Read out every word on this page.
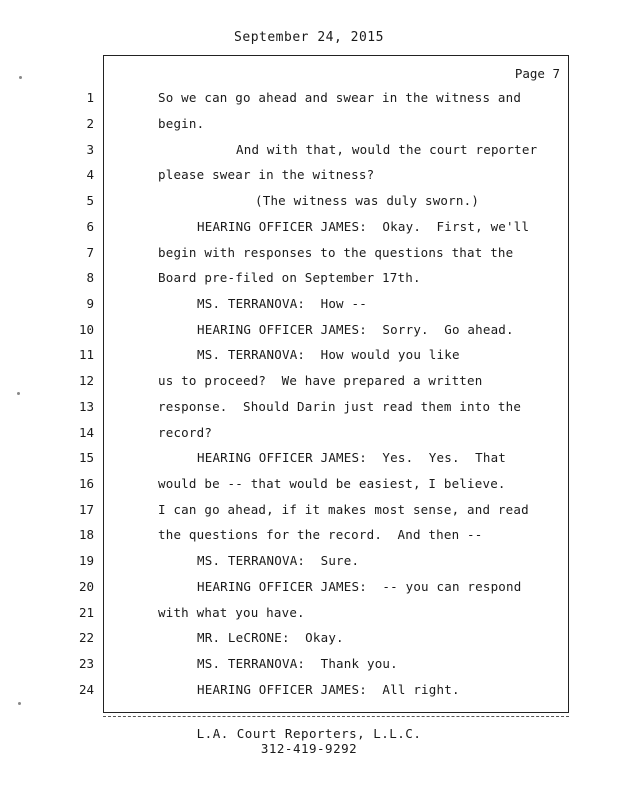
September 24, 2015
Page 7
1
2
3
4
5
6
7
8
9
10
11
12
13
14
15
16
17
18
19
20
21
22
23
24
So we can go ahead and swear in the witness and
begin.
And with that, would the court reporter
please swear in the witness?
(The witness was duly sworn.)
HEARING OFFICER JAMES:  Okay.  First, we'll
begin with responses to the questions that the
Board pre-filed on September 17th.
MS. TERRANOVA:  How --
HEARING OFFICER JAMES:  Sorry.  Go ahead.
MS. TERRANOVA:  How would you like
us to proceed?  We have prepared a written
response.  Should Darin just read them into the
record?
HEARING OFFICER JAMES:  Yes.  Yes.  That
would be -- that would be easiest, I believe.
I can go ahead, if it makes most sense, and read
the questions for the record.  And then --
MS. TERRANOVA:  Sure.
HEARING OFFICER JAMES:  -- you can respond
with what you have.
MR. LeCRONE:  Okay.
MS. TERRANOVA:  Thank you.
HEARING OFFICER JAMES:  All right.
L.A. Court Reporters, L.L.C.
312-419-9292
